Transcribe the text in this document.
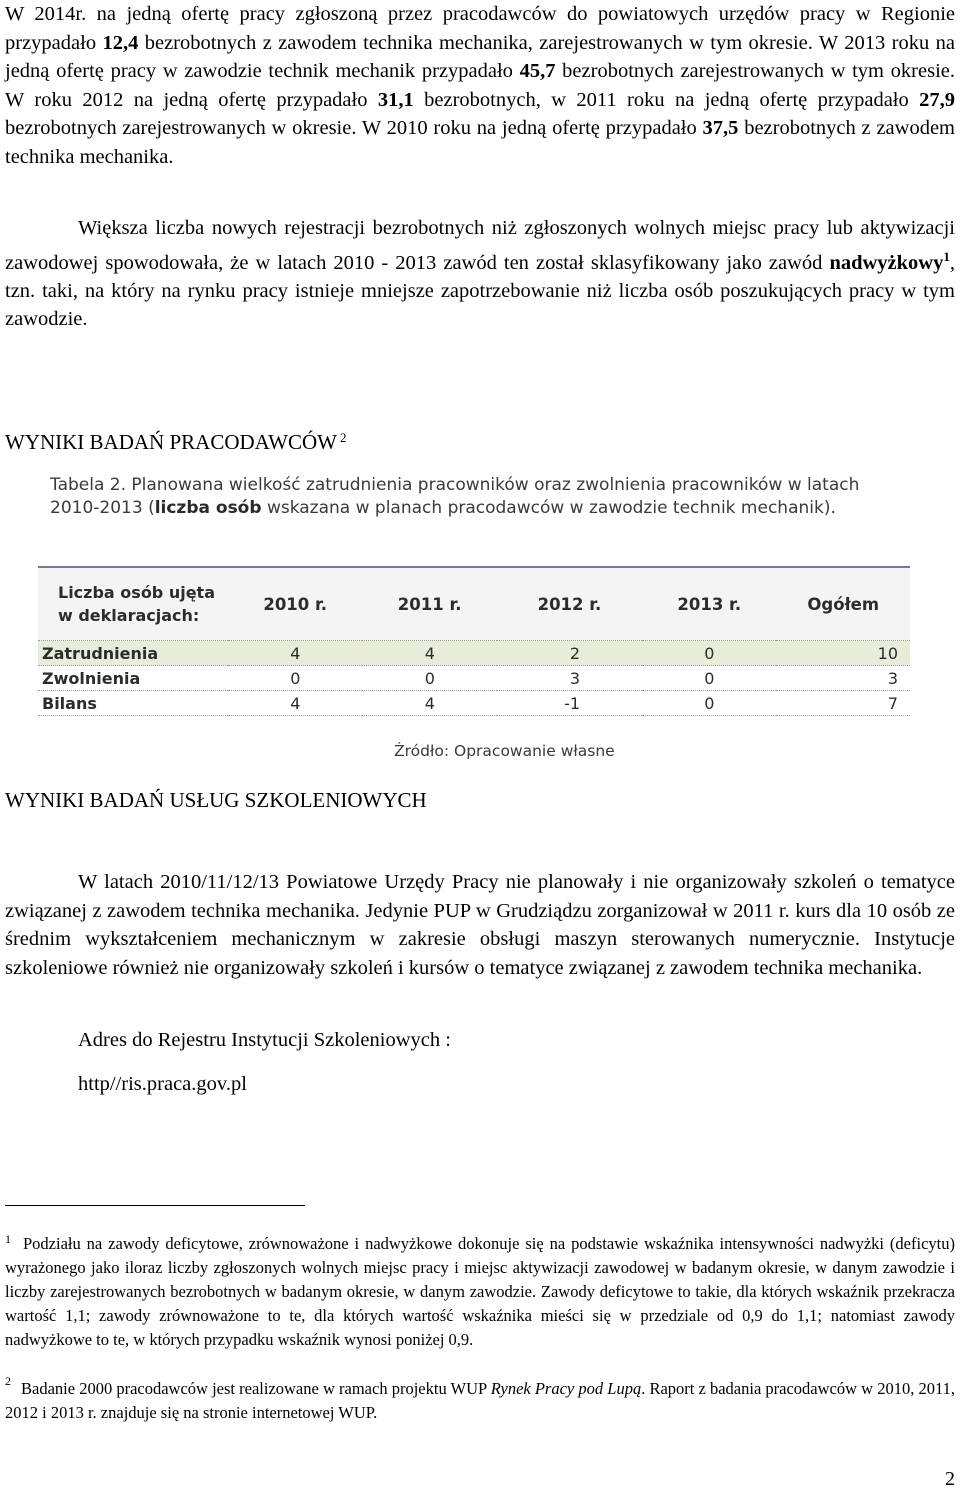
W 2014r. na jedną ofertę pracy zgłoszoną przez pracodawców do powiatowych urzędów pracy w Regionie przypadało 12,4 bezrobotnych z zawodem technika mechanika, zarejestrowanych w tym okresie. W 2013 roku na jedną ofertę pracy w zawodzie technik mechanik przypadało 45,7 bezrobotnych zarejestrowanych w tym okresie. W roku 2012 na jedną ofertę przypadało 31,1 bezrobotnych, w 2011 roku na jedną ofertę przypadało 27,9 bezrobotnych zarejestrowanych w okresie. W 2010 roku na jedną ofertę przypadało 37,5 bezrobotnych z zawodem technika mechanika.
Większa liczba nowych rejestracji bezrobotnych niż zgłoszonych wolnych miejsc pracy lub aktywizacji zawodowej spowodowała, że w latach 2010 - 2013 zawód ten został sklasyfikowany jako zawód nadwyżkowy$^1$, tzn. taki, na który na rynku pracy istnieje mniejsze zapotrzebowanie niż liczba osób poszukujących pracy w tym zawodzie.
WYNIKI BADAŃ PRACODAWCÓW $^2$
Tabela 2. Planowana wielkość zatrudnienia pracowników oraz zwolnienia pracowników w latach 2010-2013 (liczba osób wskazana w planach pracodawców w zawodzie technik mechanik).
Liczba osób ujęta w deklaracjach:	2010 r.	2011 r.	2012 r.	2013 r.	Ogółem
Zatrudnienia	4	4	2	0	10
Zwolnienia	0	0	3	0	3
Bilans	4	4	-1	0	7
Źródło: Opracowanie własne
WYNIKI BADAŃ USŁUG SZKOLENIOWYCH
W latach 2010/11/12/13 Powiatowe Urzędy Pracy nie planowały i nie organizowały szkoleń o tematyce związanej z zawodem technika mechanika. Jedynie PUP w Grudziądzu zorganizował w 2011 r. kurs dla 10 osób ze średnim wykształceniem mechanicznym w zakresie obsługi maszyn sterowanych numerycznie. Instytucje szkoleniowe również nie organizowały szkoleń i kursów o tematyce związanej z zawodem technika mechanika.
Adres do Rejestru Instytucji Szkoleniowych :
http//ris.praca.gov.pl
1 Podziału na zawody deficytowe, zrównoważone i nadwyżkowe dokonuje się na podstawie wskaźnika intensywności nadwyżki (deficytu) wyrażonego jako iloraz liczby zgłoszonych wolnych miejsc pracy i miejsc aktywizacji zawodowej w badanym okresie, w danym zawodzie i liczby zarejestrowanych bezrobotnych w badanym okresie, w danym zawodzie. Zawody deficytowe to takie, dla których wskaźnik przekracza wartość 1,1; zawody zrównoważone to te, dla których wartość wskaźnika mieści się w przedziale od 0,9 do 1,1; natomiast zawody nadwyżkowe to te, w których przypadku wskaźnik wynosi poniżej 0,9.
2 Badanie 2000 pracodawców jest realizowane w ramach projektu WUP Rynek Pracy pod Lupą. Raport z badania pracodawców w 2010, 2011, 2012 i 2013 r. znajduje się na stronie internetowej WUP.
2
